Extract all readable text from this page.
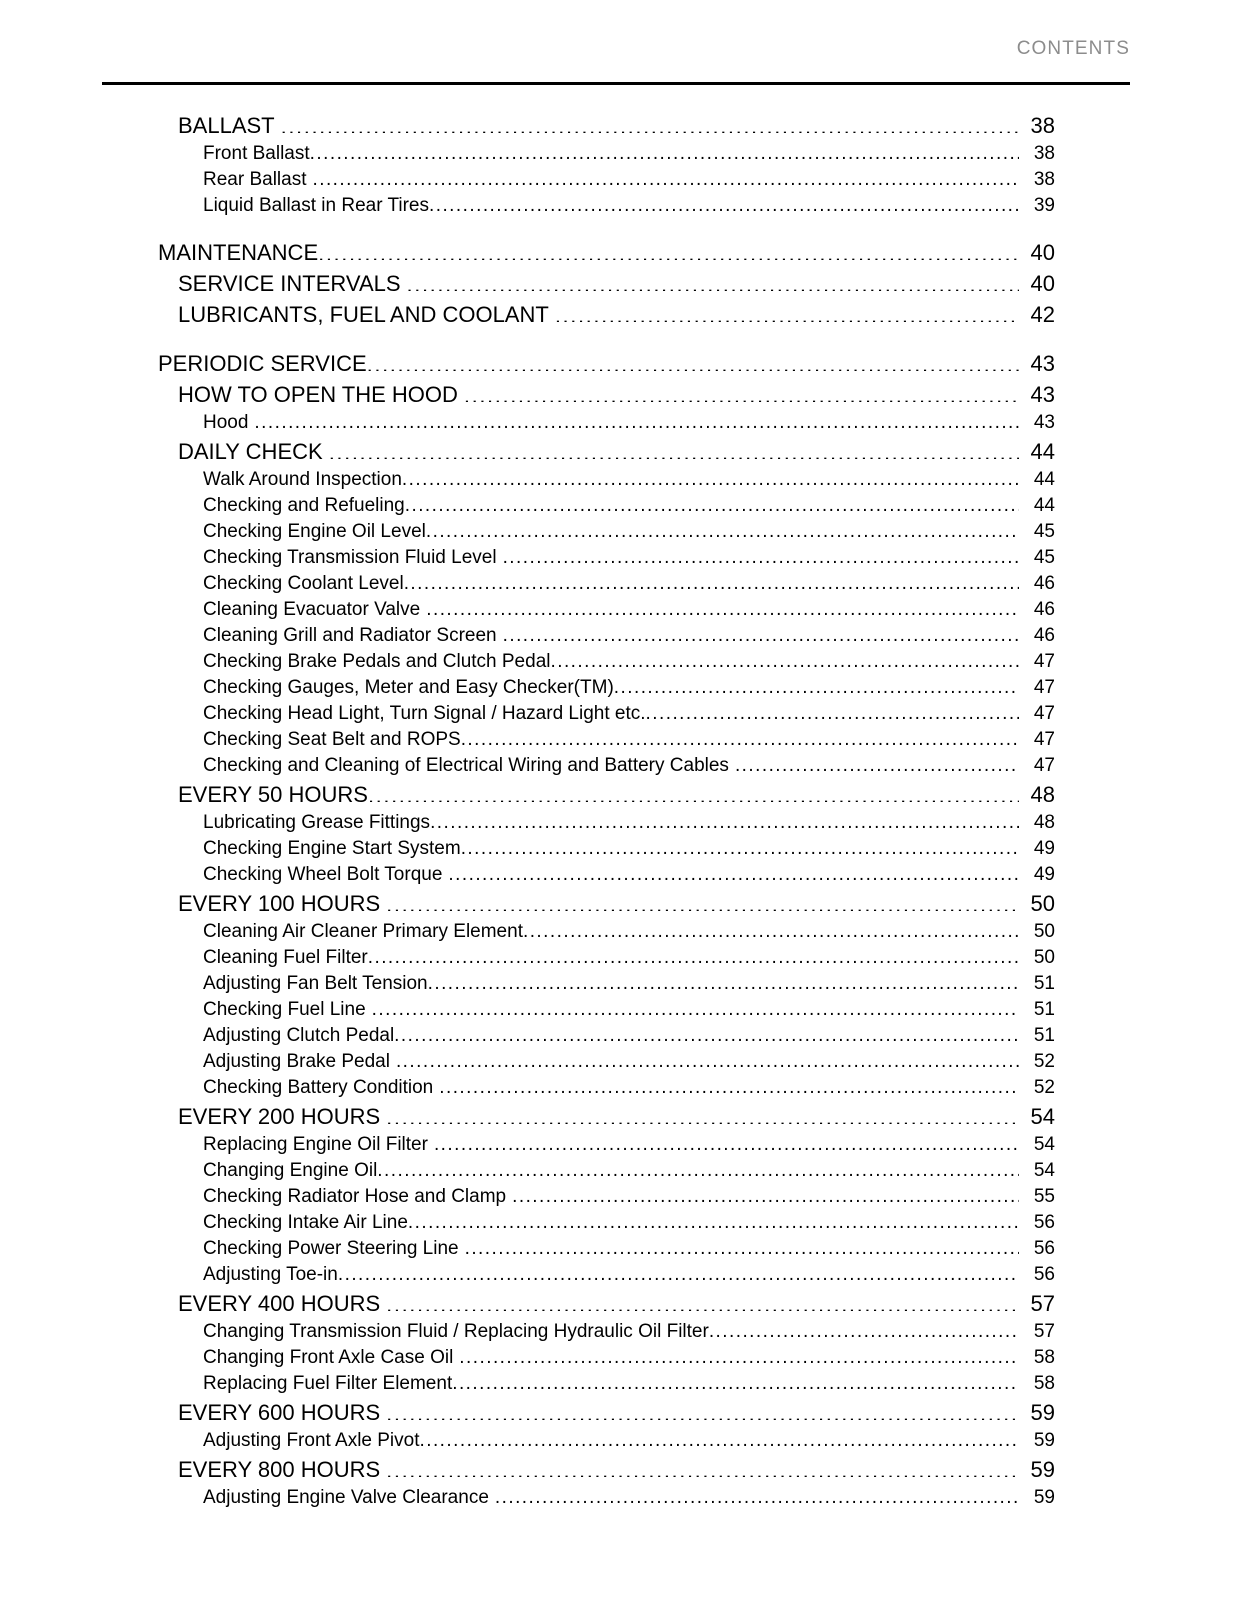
CONTENTS
BALLAST .....	38
Front Ballast .....	38
Rear Ballast .....	38
Liquid Ballast in Rear Tires .....	39
MAINTENANCE .....	40
SERVICE INTERVALS .....	40
LUBRICANTS, FUEL AND COOLANT .....	42
PERIODIC SERVICE .....	43
HOW TO OPEN THE HOOD .....	43
Hood .....	43
DAILY CHECK .....	44
Walk Around Inspection .....	44
Checking and Refueling .....	44
Checking Engine Oil Level .....	45
Checking Transmission Fluid Level .....	45
Checking Coolant Level .....	46
Cleaning Evacuator Valve .....	46
Cleaning Grill and Radiator Screen .....	46
Checking Brake Pedals and Clutch Pedal .....	47
Checking Gauges, Meter and Easy Checker(TM) .....	47
Checking Head Light, Turn Signal / Hazard Light etc. .....	47
Checking Seat Belt and ROPS .....	47
Checking and Cleaning of Electrical Wiring and Battery Cables .....	47
EVERY 50 HOURS .....	48
Lubricating Grease Fittings .....	48
Checking Engine Start System .....	49
Checking Wheel Bolt Torque .....	49
EVERY 100 HOURS .....	50
Cleaning Air Cleaner Primary Element .....	50
Cleaning Fuel Filter .....	50
Adjusting Fan Belt Tension .....	51
Checking Fuel Line .....	51
Adjusting Clutch Pedal .....	51
Adjusting Brake Pedal .....	52
Checking Battery Condition .....	52
EVERY 200 HOURS .....	54
Replacing Engine Oil Filter .....	54
Changing Engine Oil .....	54
Checking Radiator Hose and Clamp .....	55
Checking Intake Air Line .....	56
Checking Power Steering Line .....	56
Adjusting Toe-in .....	56
EVERY 400 HOURS .....	57
Changing Transmission Fluid / Replacing Hydraulic Oil Filter .....	57
Changing Front Axle Case Oil .....	58
Replacing Fuel Filter Element .....	58
EVERY 600 HOURS .....	59
Adjusting Front Axle Pivot .....	59
EVERY 800 HOURS .....	59
Adjusting Engine Valve Clearance .....	59
